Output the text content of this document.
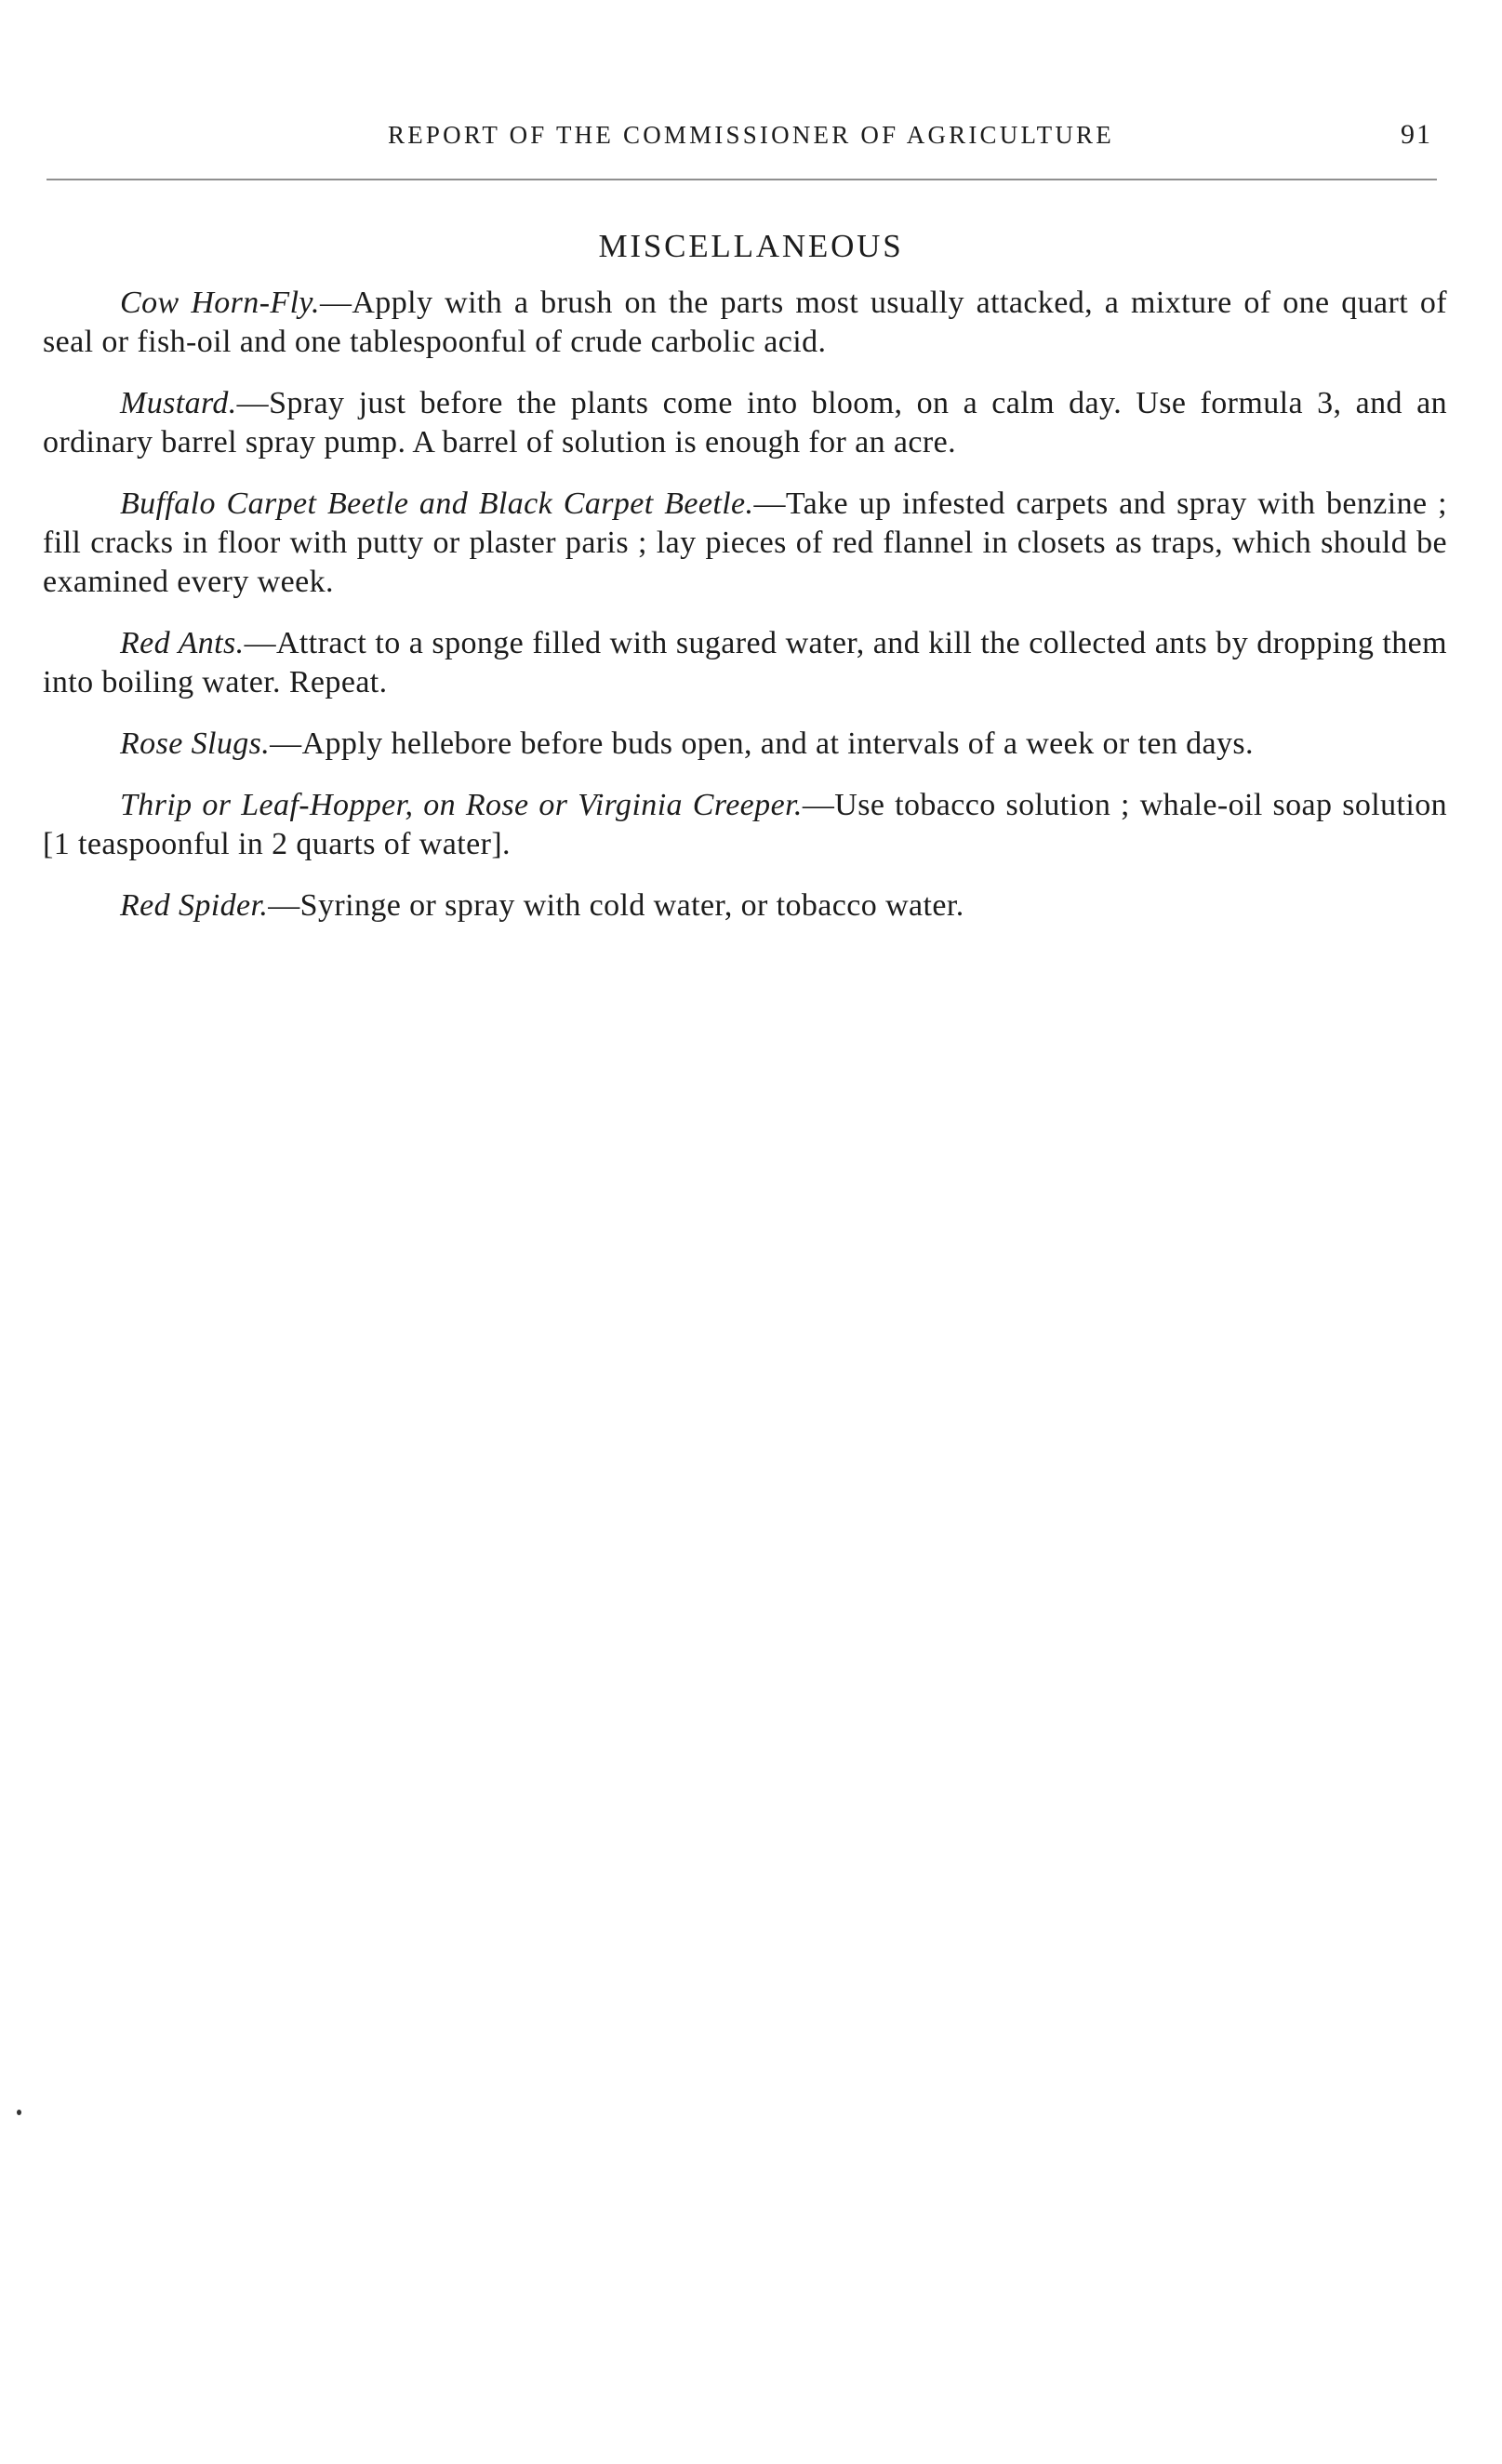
REPORT OF THE COMMISSIONER OF AGRICULTURE	91
MISCELLANEOUS

Cow Horn-Fly.—Apply with a brush on the parts most usually attacked, a mixture of one quart of seal or fish-oil and one tablespoonful of crude carbolic acid.

Mustard.—Spray just before the plants come into bloom, on a calm day. Use formula 3, and an ordinary barrel spray pump. A barrel of solution is enough for an acre.

Buffalo Carpet Beetle and Black Carpet Beetle.—Take up infested carpets and spray with benzine ; fill cracks in floor with putty or plaster paris ; lay pieces of red flannel in closets as traps, which should be examined every week.

Red Ants.—Attract to a sponge filled with sugared water, and kill the collected ants by dropping them into boiling water. Repeat.

Rose Slugs.—Apply hellebore before buds open, and at intervals of a week or ten days.

Thrip or Leaf-Hopper, on Rose or Virginia Creeper.—Use tobacco solution ; whale-oil soap solution [1 teaspoonful in 2 quarts of water].

Red Spider.—Syringe or spray with cold water, or tobacco water.
